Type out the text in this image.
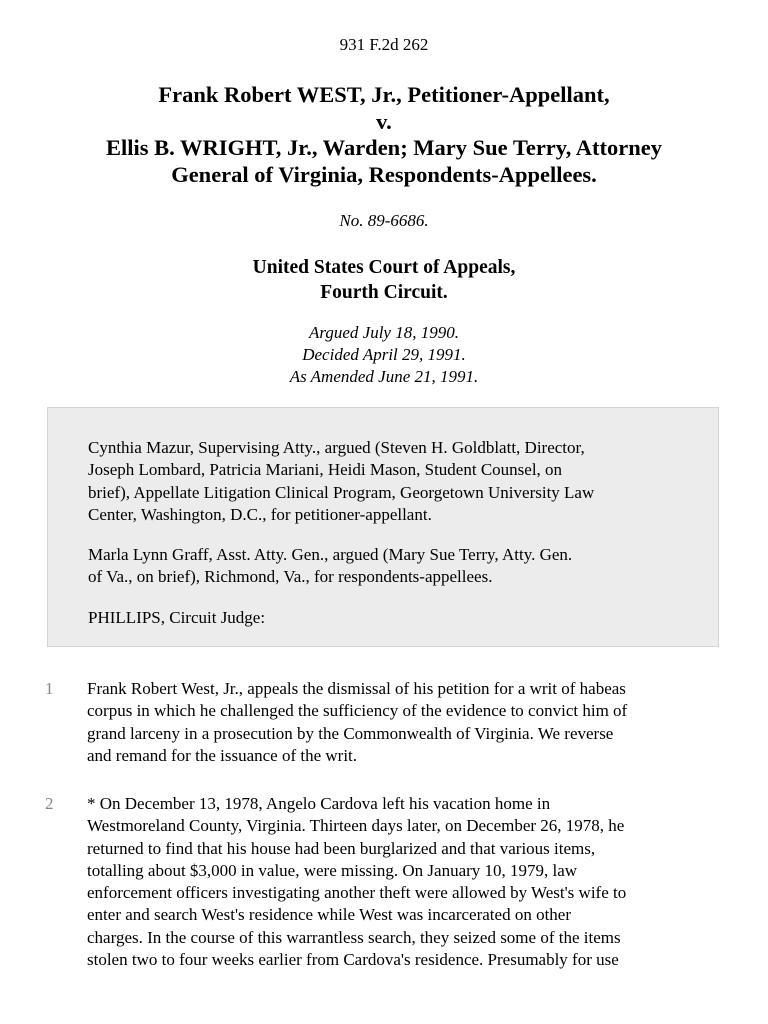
931 F.2d 262
Frank Robert WEST, Jr., Petitioner-Appellant,
v.
Ellis B. WRIGHT, Jr., Warden; Mary Sue Terry, Attorney
General of Virginia, Respondents-Appellees.
No. 89-6686.
United States Court of Appeals,
Fourth Circuit.
Argued July 18, 1990.
Decided April 29, 1991.
As Amended June 21, 1991.
Cynthia Mazur, Supervising Atty., argued (Steven H. Goldblatt, Director,
Joseph Lombard, Patricia Mariani, Heidi Mason, Student Counsel, on
brief), Appellate Litigation Clinical Program, Georgetown University Law
Center, Washington, D.C., for petitioner-appellant.
Marla Lynn Graff, Asst. Atty. Gen., argued (Mary Sue Terry, Atty. Gen.
of Va., on brief), Richmond, Va., for respondents-appellees.
PHILLIPS, Circuit Judge:
1 Frank Robert West, Jr., appeals the dismissal of his petition for a writ of habeas
corpus in which he challenged the sufficiency of the evidence to convict him of
grand larceny in a prosecution by the Commonwealth of Virginia. We reverse
and remand for the issuance of the writ.
2 * On December 13, 1978, Angelo Cardova left his vacation home in
Westmoreland County, Virginia. Thirteen days later, on December 26, 1978, he
returned to find that his house had been burglarized and that various items,
totalling about $3,000 in value, were missing. On January 10, 1979, law
enforcement officers investigating another theft were allowed by West's wife to
enter and search West's residence while West was incarcerated on other
charges. In the course of this warrantless search, they seized some of the items
stolen two to four weeks earlier from Cardova's residence. Presumably for use
